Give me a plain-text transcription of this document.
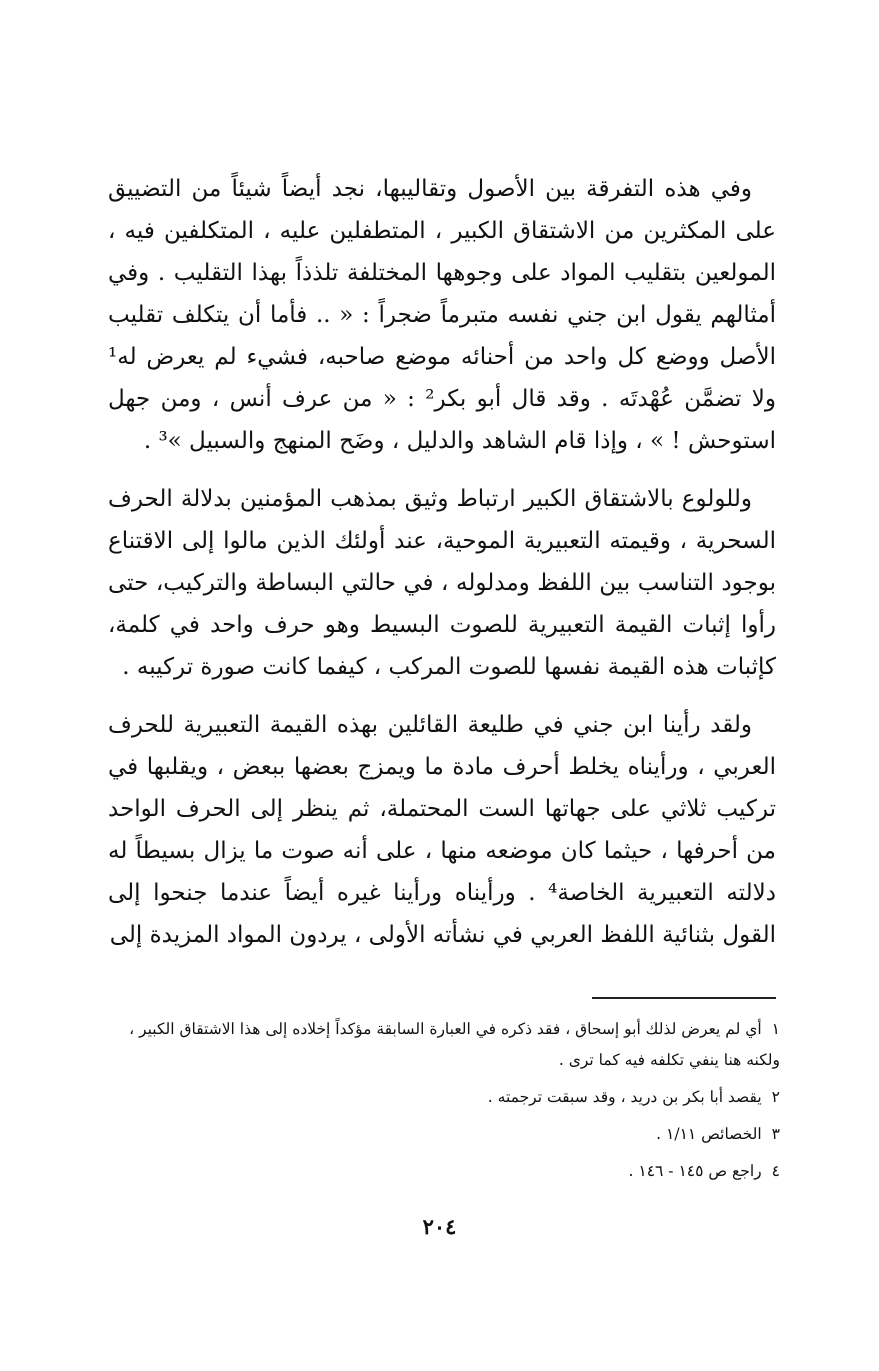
وفي هذه التفرقة بين الأصول وتقاليبها، نجد أيضاً شيئاً من التضييق على المكثرين من الاشتقاق الكبير ، المتطفلين عليه ، المتكلفين فيه ، المولعين بتقليب المواد على وجوهها المختلفة تلذذاً بهذا التقليب . وفي أمثالهم يقول ابن جني نفسه متبرماً ضجراً : « .. فأما أن يتكلف تقليب الأصل ووضع كل واحد من أحنائه موضع صاحبه، فشيء لم يعرض له¹ ولا تضمَّن عُهْدتَه . وقد قال أبو بكر² : « من عرف أنس ، ومن جهل استوحش ! » ، وإذا قام الشاهد والدليل ، وضَح المنهج والسبيل »³ .

وللولوع بالاشتقاق الكبير ارتباط وثيق بمذهب المؤمنين بدلالة الحرف السحرية ، وقيمته التعبيرية الموحية، عند أولئك الذين مالوا إلى الاقتناع بوجود التناسب بين اللفظ ومدلوله ، في حالتي البساطة والتركيب، حتى رأوا إثبات القيمة التعبيرية للصوت البسيط وهو حرف واحد في كلمة، كإثبات هذه القيمة نفسها للصوت المركب ، كيفما كانت صورة تركيبه .

ولقد رأينا ابن جني في طليعة القائلين بهذه القيمة التعبيرية للحرف العربي ، ورأيناه يخلط أحرف مادة ما ويمزج بعضها ببعض ، ويقلبها في تركيب ثلاثي على جهاتها الست المحتملة، ثم ينظر إلى الحرف الواحد من أحرفها ، حيثما كان موضعه منها ، على أنه صوت ما يزال بسيطاً له دلالته التعبيرية الخاصة⁴ . ورأيناه ورأينا غيره أيضاً عندما جنحوا إلى القول بثنائية اللفظ العربي في نشأته الأولى ، يردون المواد المزيدة إلى

١أي لم يعرض لذلك أبو إسحاق ، فقد ذكره في العبارة السابقة مؤكداً إخلاده إلى هذا الاشتقاق الكبير ، ولكنه هنا ينفي تكلفه فيه كما ترى .

٢يقصد أبا بكر بن دريد ، وقد سبقت ترجمته .

٣الخصائص ١/١١ .

٤راجع ص ١٤٥ - ١٤٦ .

٢٠٤
